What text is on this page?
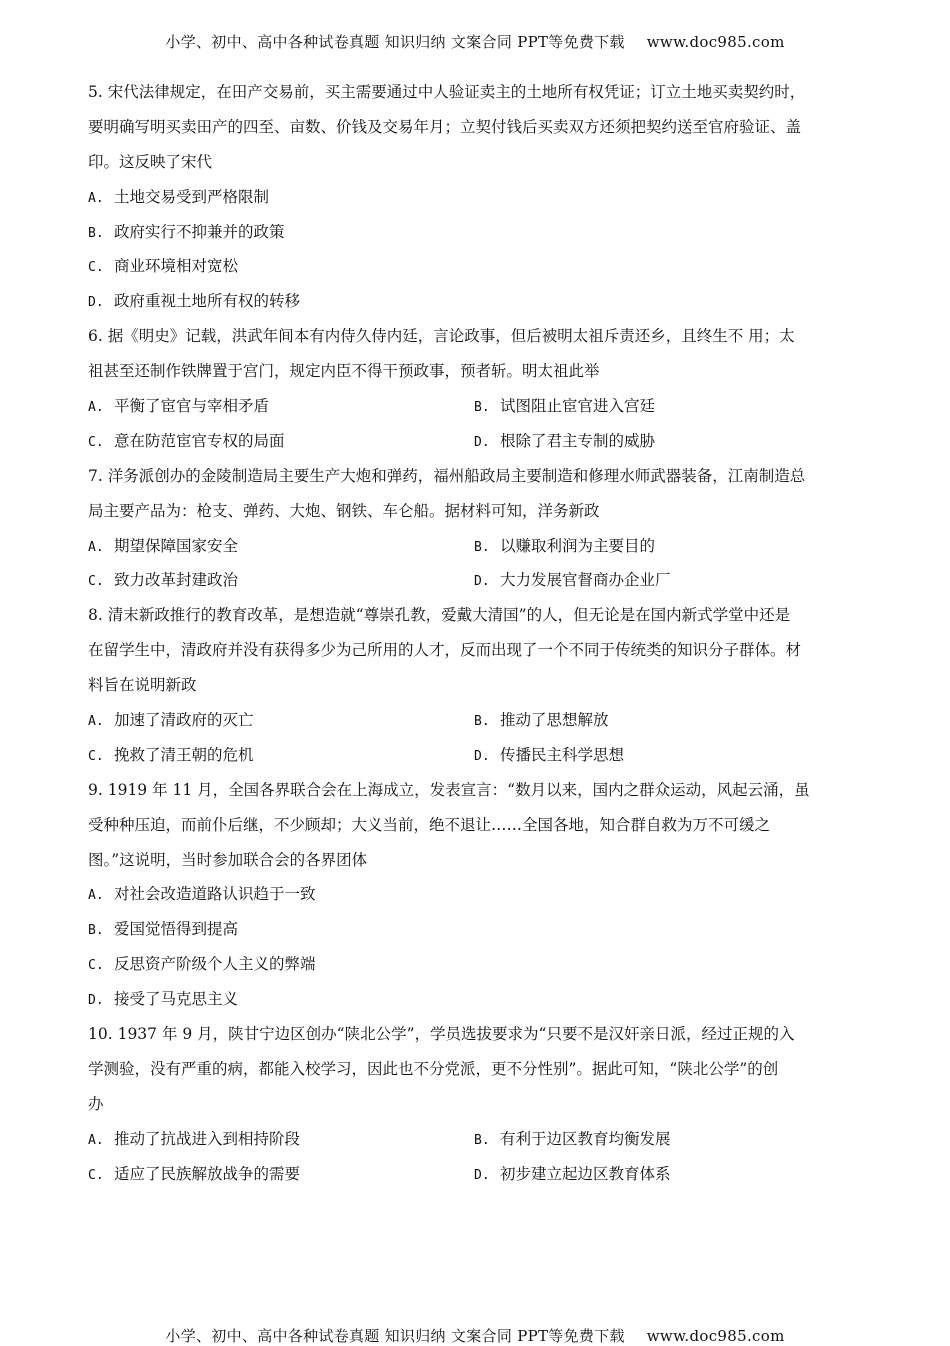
小学、初中、高中各种试卷真题 知识归纳 文案合同 PPT等免费下载 www.doc985.com
5. 宋代法律规定，在田产交易前，买主需要通过中人验证卖主的土地所有权凭证；订立土地买卖契约时，
要明确写明买卖田产的四至、亩数、价钱及交易年月；立契付钱后买卖双方还须把契约送至官府验证、盖
印。这反映了宋代
A. 土地交易受到严格限制
B. 政府实行不抑兼并的政策
C. 商业环境相对宽松
D. 政府重视土地所有权的转移
6. 据《明史》记载，洪武年间本有内侍久侍内廷，言论政事，但后被明太祖斥责还乡，且终生不 用；太
祖甚至还制作铁牌置于宫门，规定内臣不得干预政事，预者斩。明太祖此举
A. 平衡了宦官与宰相矛盾	B. 试图阻止宦官进入宫廷
C. 意在防范宦官专权的局面	D. 根除了君主专制的威胁
7. 洋务派创办的金陵制造局主要生产大炮和弹药，福州船政局主要制造和修理水师武器装备，江南制造总
局主要产品为：枪支、弹药、大炮、钢铁、车仑船。据材料可知，洋务新政
A. 期望保障国家安全	B. 以赚取利润为主要目的
C. 致力改革封建政治	D. 大力发展官督商办企业厂
8. 清末新政推行的教育改革，是想造就“尊崇孔教，爱戴大清国”的人，但无论是在国内新式学堂中还是
在留学生中，清政府并没有获得多少为己所用的人才，反而出现了一个不同于传统类的知识分子群体。材
料旨在说明新政
A. 加速了清政府的灭亡	B. 推动了思想解放
C. 挽救了清王朝的危机	D. 传播民主科学思想
9. 1919 年 11 月，全国各界联合会在上海成立，发表宣言：“数月以来，国内之群众运动，风起云涌，虽
受种种压迫，而前仆后继，不少顾却；大义当前，绝不退让……全国各地，知合群自救为万不可缓之
图。”这说明，当时参加联合会的各界团体
A. 对社会改造道路认识趋于一致
B. 爱国觉悟得到提高
C. 反思资产阶级个人主义的弊端
D. 接受了马克思主义
10. 1937 年 9 月，陕甘宁边区创办“陕北公学”，学员选拔要求为“只要不是汉奸亲日派，经过正规的入
学测验，没有严重的病，都能入校学习，因此也不分党派，更不分性别”。据此可知，“陕北公学”的创
办
A. 推动了抗战进入到相持阶段	B. 有利于边区教育均衡发展
C. 适应了民族解放战争的需要	D. 初步建立起边区教育体系
小学、初中、高中各种试卷真题 知识归纳 文案合同 PPT等免费下载 www.doc985.com
